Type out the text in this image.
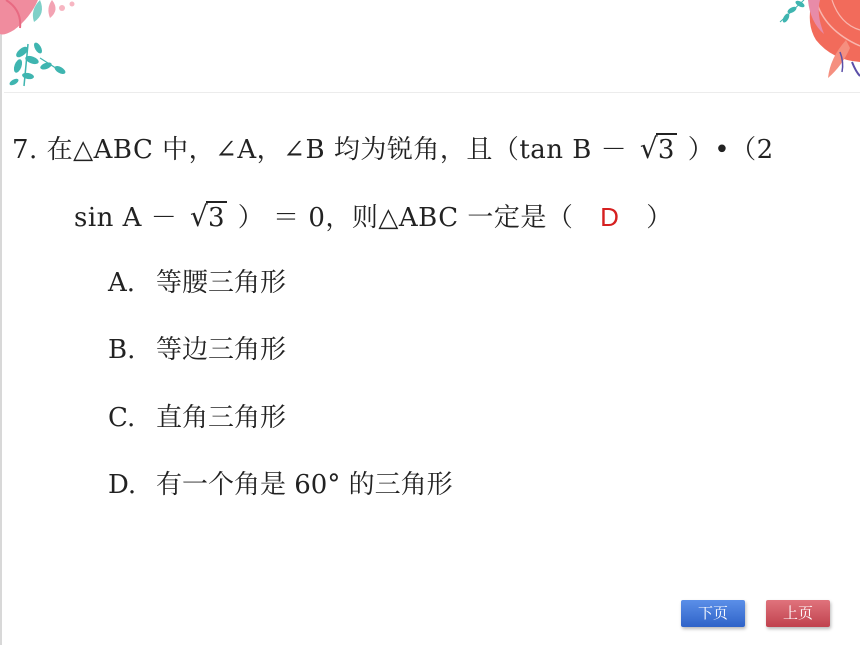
7. 在△ABC 中，∠A，∠B 均为锐角，且（tan B － √ 3 ）•（2
sin A － √ 3 ） ＝ 0，则△ABC 一定是（ D ）
A. 等腰三角形
B. 等边三角形
C. 直角三角形
D. 有一个角是 60° 的三角形
下页	上页
